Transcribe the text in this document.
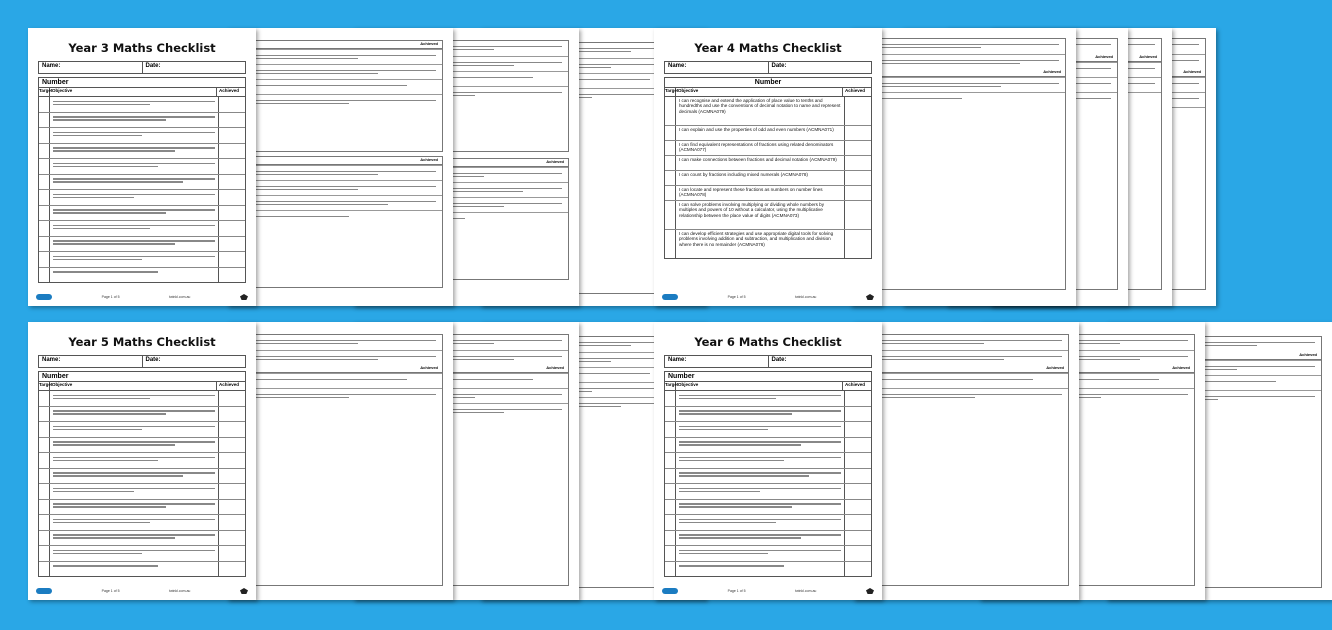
Achieved
Achieved
Achieved
Year 3 Maths Checklist
Name:	Date:
Number
Target Objective	Achieved
Page 1 of 5	twinkl.com.au
Achieved
Achieved
Achieved
Achieved
Year 4 Maths Checklist
Name:	Date:
Number
Target Objective	Achieved
I can recognise and extend the application of place value to tenths and hundredths and use the conventions of decimal notation to name and represent decimals (ACMNA079)
I can explain and use the properties of odd and even numbers (ACMNA071)
I can find equivalent representations of fractions using related denominators (ACMNA077)
I can make connections between fractions and decimal notation (ACMNA079)
I can count by fractions including mixed numerals (ACMNA078)
I can locate and represent these fractions as numbers on number lines (ACMNA078)
I can solve problems involving multiplying or dividing whole numbers by multiples and powers of 10 without a calculator, using the multiplicative relationship between the place value of digits (ACMNA073)
I can develop efficient strategies and use appropriate digital tools for solving problems involving addition and subtraction, and multiplication and division where there is no remainder (ACMNA076)
Page 1 of 5	twinkl.com.au
Achieved
Achieved
Year 5 Maths Checklist
Name:	Date:
Number
Target Objective	Achieved
Page 1 of 5	twinkl.com.au
Achieved
Achieved
Achieved
Year 6 Maths Checklist
Name:	Date:
Number
Target Objective	Achieved
Page 1 of 5	twinkl.com.au
